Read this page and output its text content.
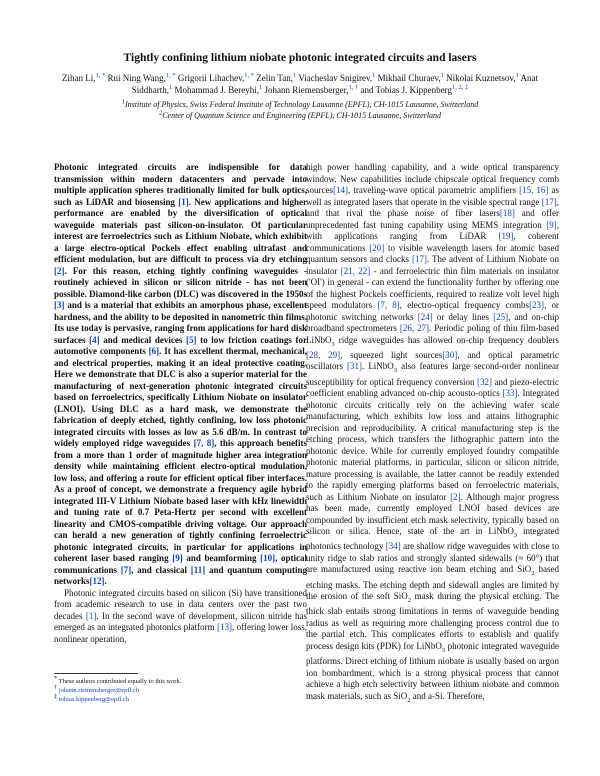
Tightly confining lithium niobate photonic integrated circuits and lasers
Zihan Li,$^{1, *}$ Rui Ning Wang,$^{1, *}$ Grigorii Lihachev,$^{1, *}$ Zelin Tan,$^1$ Viacheslav Snigirev,$^1$ Mikhail Churaev,$^1$ Nikolai Kuznetsov,$^1$ Anat Siddharth,$^1$ Mohammad J. Bereyhi,$^1$ Johann Riemensberger,$^{1, \dagger}$ and Tobias J. Kippenberg$^{1, 2, \ddagger}$
$^1$Institute of Physics, Swiss Federal Institute of Technology Lausanne (EPFL), CH-1015 Lausanne, Switzerland
$^2$Center of Quantum Science and Engineering (EPFL), CH-1015 Lausanne, Switzerland

Photonic integrated circuits are indispensible for data transmission within modern datacenters and pervade into multiple application spheres traditionally limited for bulk optics, such as LiDAR and biosensing [1]. New applications and higher performance are enabled by the diversification of optical waveguide materials past silicon-on-insulator. Of particular interest are ferroelectrics such as Lithium Niobate, which exhibit a large electro-optical Pockels effect enabling ultrafast and efficient modulation, but are difficult to process via dry etching [2]. For this reason, etching tightly confining waveguides - routinely achieved in silicon or silicon nitride - has not been possible. Diamond-like carbon (DLC) was discovered in the 1950s [3] and is a material that exhibits an amorphous phase, excellent hardness, and the ability to be deposited in nanometric thin films. Its use today is pervasive, ranging from applications for hard disk surfaces [4] and medical devices [5] to low friction coatings for automotive components [6]. It has excellent thermal, mechanical, and electrical properties, making it an ideal protective coating. Here we demonstrate that DLC is also a superior material for the manufacturing of next-generation photonic integrated circuits based on ferroelectrics, specifically Lithium Niobate on insulator (LNOI). Using DLC as a hard mask, we demonstrate the fabrication of deeply etched, tightly confining, low loss photonic integrated circuits with losses as low as 5.6 dB/m. In contrast to widely employed ridge waveguides [7, 8], this approach benefits from a more than 1 order of magnitude higher area integration density while maintaining efficient electro-optical modulation, low loss, and offering a route for efficient optical fiber interfaces. As a proof of concept, we demonstrate a frequency agile hybrid integrated III-V Lithium Niobate based laser with kHz linewidth and tuning rate of 0.7 Peta-Hertz per second with excellent linearity and CMOS-compatible driving voltage. Our approach can herald a new generation of tightly confining ferroelectric photonic integrated circuits, in particular for applications in coherent laser based ranging [9] and beamforming [10], optical communications [7], and classical [11] and quantum computing networks[12].

Photonic integrated circuits based on silicon (Si) have transitioned from academic research to use in data centers over the past two decades [1]. In the second wave of development, silicon nitride has emerged as an integrated photonics platform [13], offering lower loss, nonlinear operation,

high power handling capability, and a wide optical transparency window. New capabilities include chipscale optical frequency comb sources[14], traveling-wave optical parametric amplifiers [15, 16] as well as integrated lasers that operate in the visible spectral range [17], and that rival the phase noise of fiber lasers[18] and offer unprecedented fast tuning capability using MEMS integration [9], with applications ranging from LiDAR [19], coherent communications [20] to visible wavelength lasers for atomic based quantum sensors and clocks [17]. The advent of Lithium Niobate on insulator [21, 22] - and ferroelectric thin film materials on insulator ('OI') in general - can extend the functionality further by offering one of the highest Pockels coefficients, required to realize volt level high speed modulators [7, 8], electro-optical frequency combs[23], or photonic switching networks [24] or delay lines [25], and on-chip broadband spectrometers [26, 27]. Periodic poling of thin film-based LiNbO$_3$ ridge waveguides has allowed on-chip frequency doublers [28, 29], squeezed light sources[30], and optical parametric oscillators [31]. LiNbO$_3$ also features large second-order nonlinear susceptibility for optical frequency conversion [32] and piezo-electric coefficient enabling advanced on-chip acousto-optics [33]. Integrated photonic circuits critically rely on the achieving wafer scale manufacturing, which exhibits low loss and attains lithographic precision and reproducibility. A critical manufacturing step is the etching process, which transfers the lithographic pattern into the photonic device. While for currently employed foundry compatible photonic material platforms, in particular, silicon or silicon nitride, mature processing is available, the latter cannot be readily extended to the rapidly emerging platforms based on ferroelectric materials, such as Lithium Niobate on insulator [2]. Although major progress has been made, currently employed LNOI based devices are compounded by insufficient etch mask selectivity, typically based on silicon or silica. Hence, state of the art in LiNbO$_3$ integrated photonics technology [34] are shallow ridge waveguides with close to unity ridge to slab ratios and strongly slanted sidewalls (≈ 60°) that are manufactured using reactive ion beam etching and SiO$_2$ based etching masks. The etching depth and sidewall angles are limited by the erosion of the soft SiO$_2$ mask during the physical etching. The thick slab entails strong limitations in terms of waveguide bending radius as well as requiring more challenging process control due to the partial etch. This complicates efforts to establish and qualify process design kits (PDK) for LiNbO$_3$ photonic integrated waveguide platforms. Direct etching of lithium niobate is usually based on argon ion bombardment, which is a strong physical process that cannot achieve a high etch selectivity between lithium niobate and common mask materials, such as SiO$_2$ and a-Si. Therefore,

* These authors contributed equally to this work.
† johann.riemensberger@epfl.ch
‡ tobias.kippenberg@epfl.ch
